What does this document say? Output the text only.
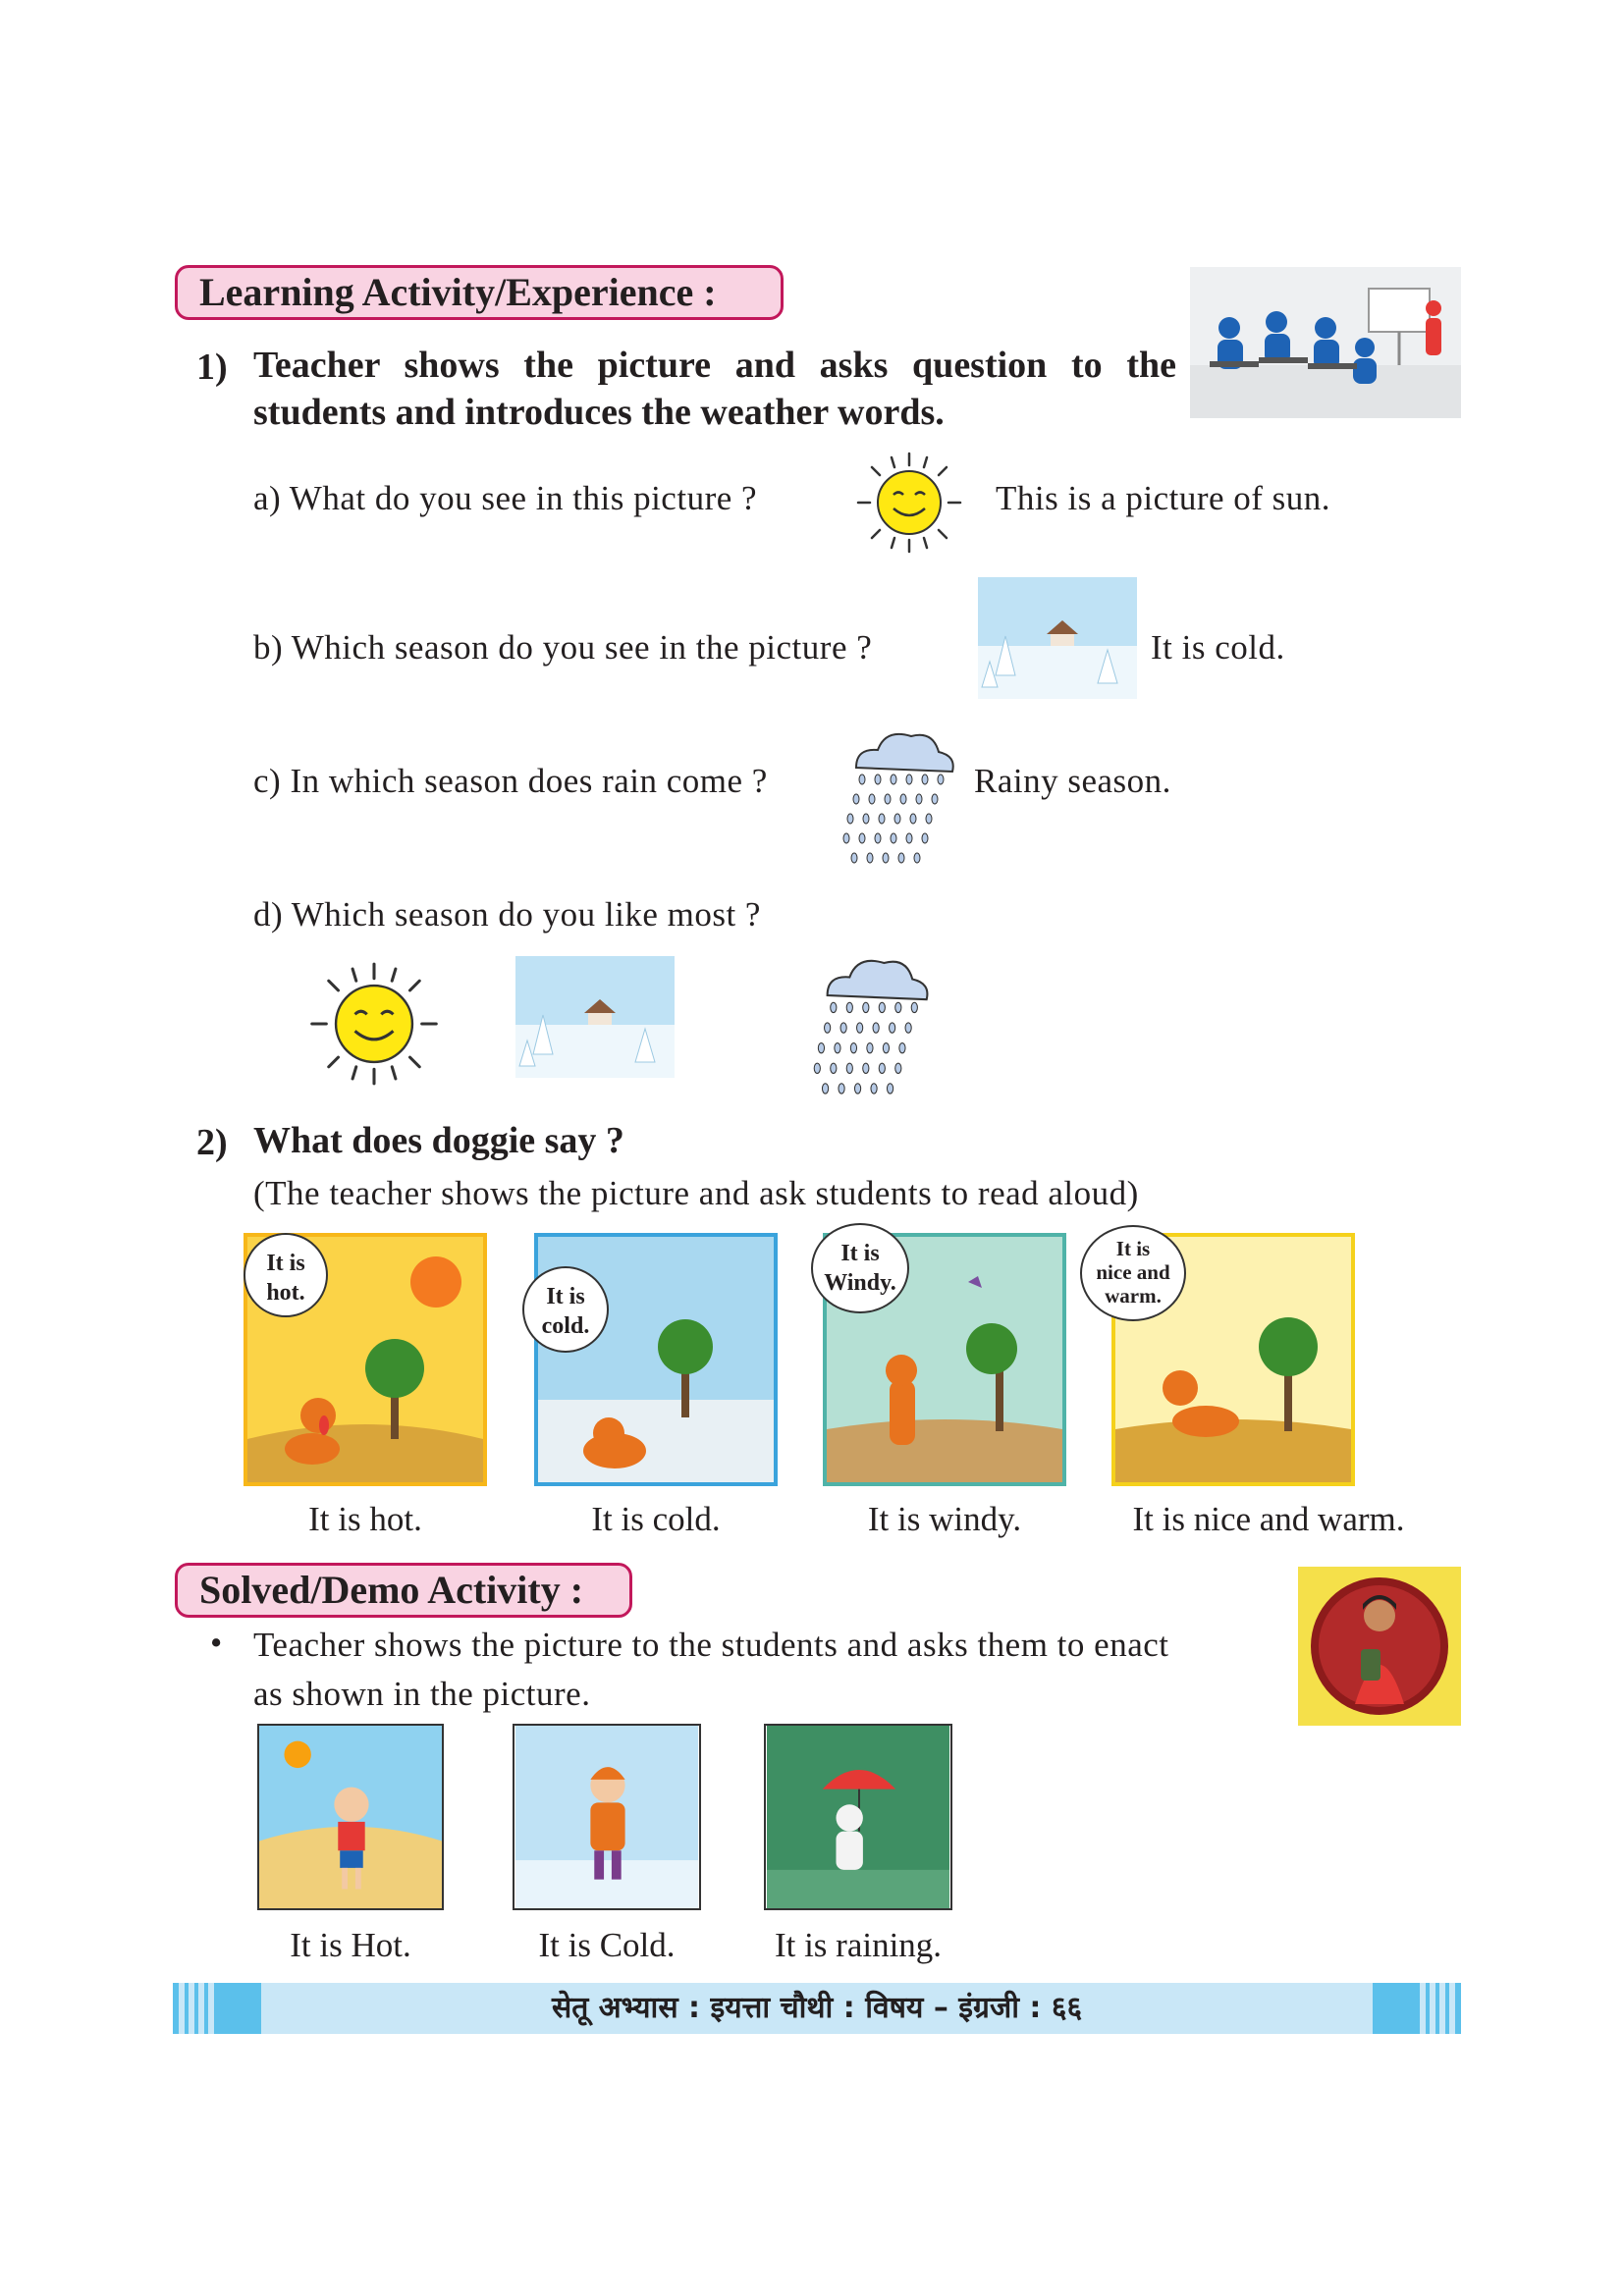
Learning Activity/Experience :
1) Teacher shows the picture and asks question to the
students and introduces the weather words.
a) What do you see in this picture ?	This is a picture of sun.
b) Which season do you see in the picture ?	It is cold.
c) In which season does rain come ?	Rainy season.
d) Which season do you like most ?
2) What does doggie say ?
(The teacher shows the picture and ask students to read aloud)
It is
hot.
It is hot.
It is
cold.
It is cold.
It is
Windy.
It is windy.
It is
nice and
warm.
It is nice and warm.
Solved/Demo Activity :
• Teacher shows the picture to the students and asks them to enact
as shown in the picture.
It is Hot.	It is Cold.	It is raining.
सेतू अभ्यास : इयत्ता चौथी : विषय – इंग्रजी : ६६
